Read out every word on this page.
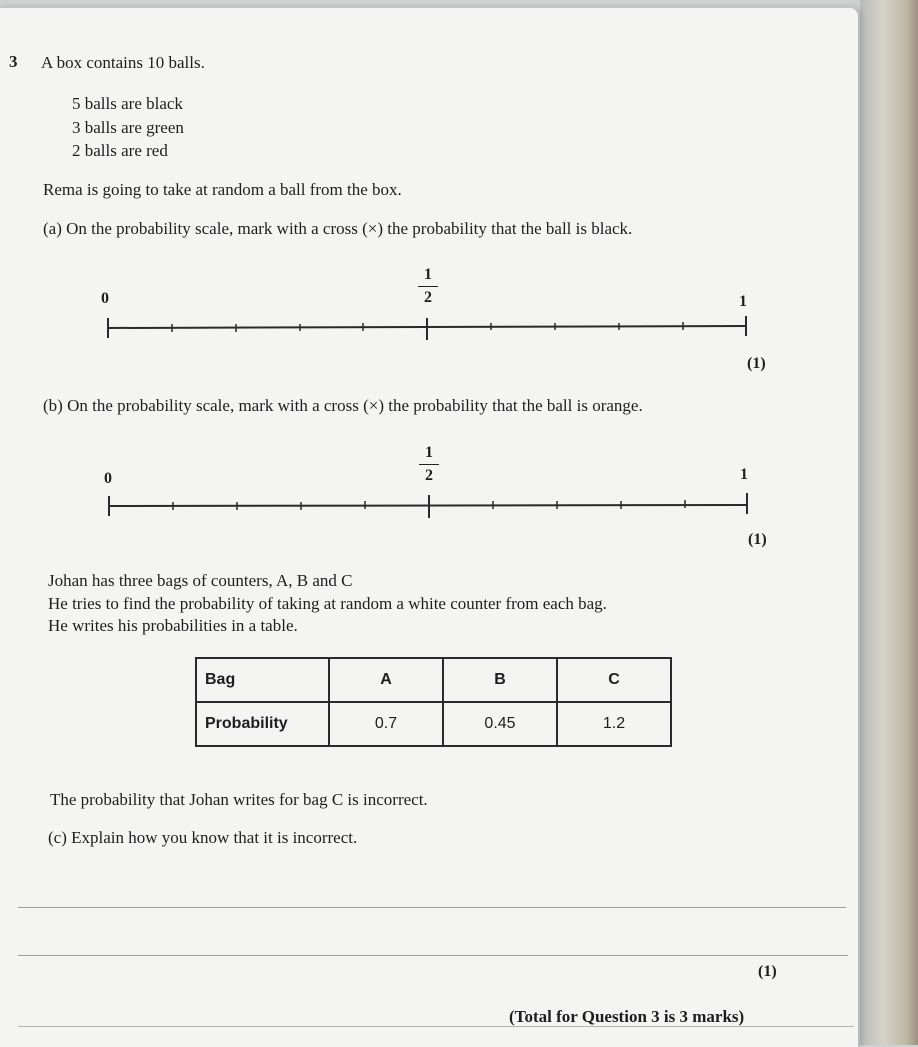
3 A box contains 10 balls.
5 balls are black
3 balls are green
2 balls are red
Rema is going to take at random a ball from the box.
(a) On the probability scale, mark with a cross (×) the probability that the ball is black.
0
1
2	1
(1)
(b) On the probability scale, mark with a cross (×) the probability that the ball is orange.
0
1
2	1
(1)
Johan has three bags of counters, A, B and C
He tries to find the probability of taking at random a white counter from each bag.
He writes his probabilities in a table.
Bag	A	B	C
Probability	0.7	0.45	1.2
The probability that Johan writes for bag C is incorrect.
(c) Explain how you know that it is incorrect.
(1)
(Total for Question 3 is 3 marks)
